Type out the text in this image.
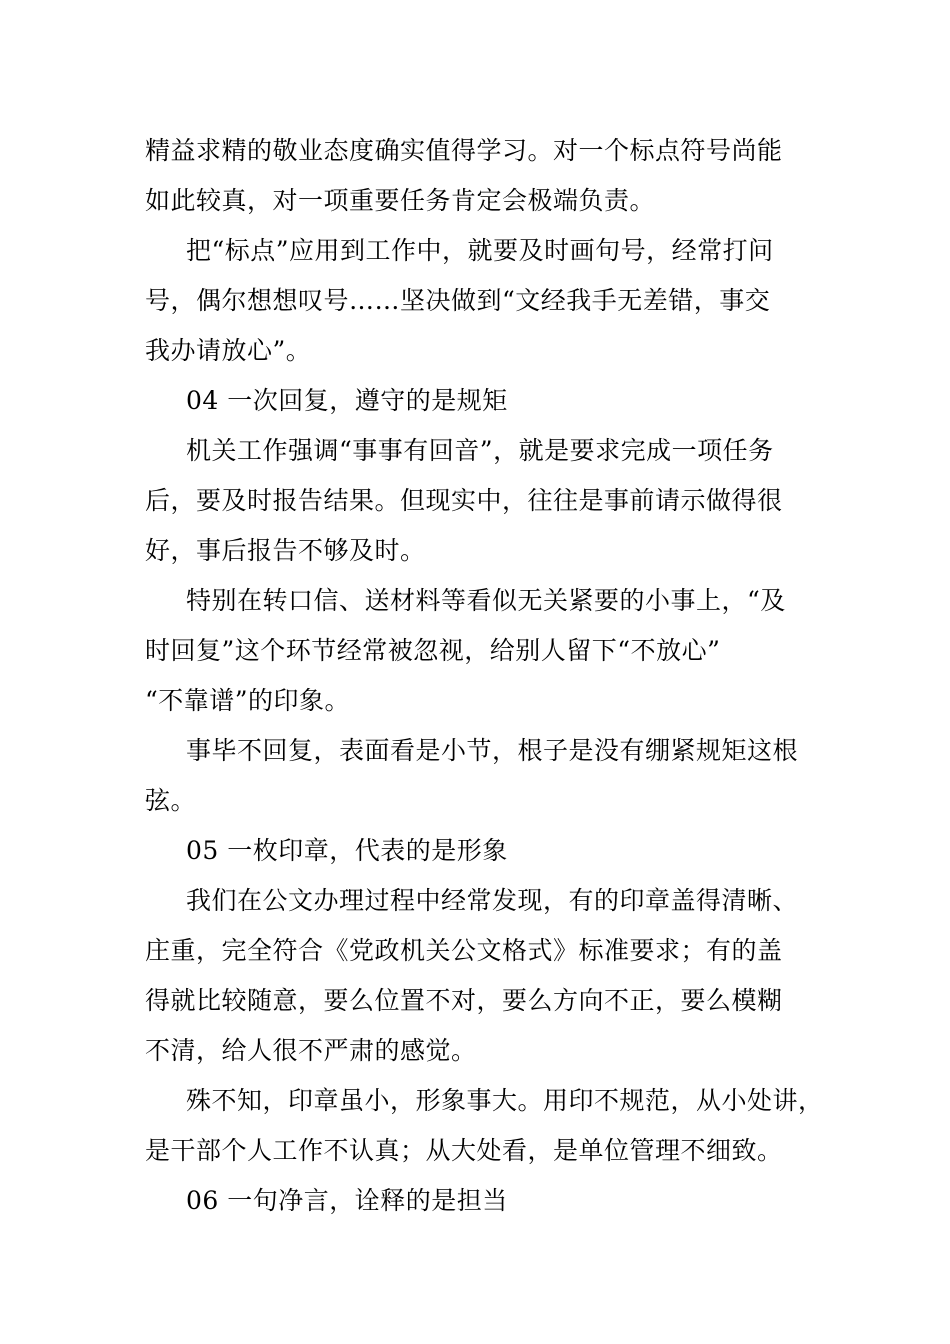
精益求精的敬业态度确实值得学习。对一个标点符号尚能
如此较真，对一项重要任务肯定会极端负责。
把“标点”应用到工作中，就要及时画句号，经常打问
号，偶尔想想叹号……坚决做到“文经我手无差错，事交
我办请放心”。
04 一次回复，遵守的是规矩
机关工作强调“事事有回音”，就是要求完成一项任务
后，要及时报告结果。但现实中，往往是事前请示做得很
好，事后报告不够及时。
特别在转口信、送材料等看似无关紧要的小事上，“及
时回复”这个环节经常被忽视，给别人留下“不放心”
“不靠谱”的印象。
事毕不回复，表面看是小节，根子是没有绷紧规矩这根
弦。
05 一枚印章，代表的是形象
我们在公文办理过程中经常发现，有的印章盖得清晰、
庄重，完全符合《党政机关公文格式》标准要求；有的盖
得就比较随意，要么位置不对，要么方向不正，要么模糊
不清，给人很不严肃的感觉。
殊不知，印章虽小，形象事大。用印不规范，从小处讲，
是干部个人工作不认真；从大处看，是单位管理不细致。
06 一句净言，诠释的是担当
